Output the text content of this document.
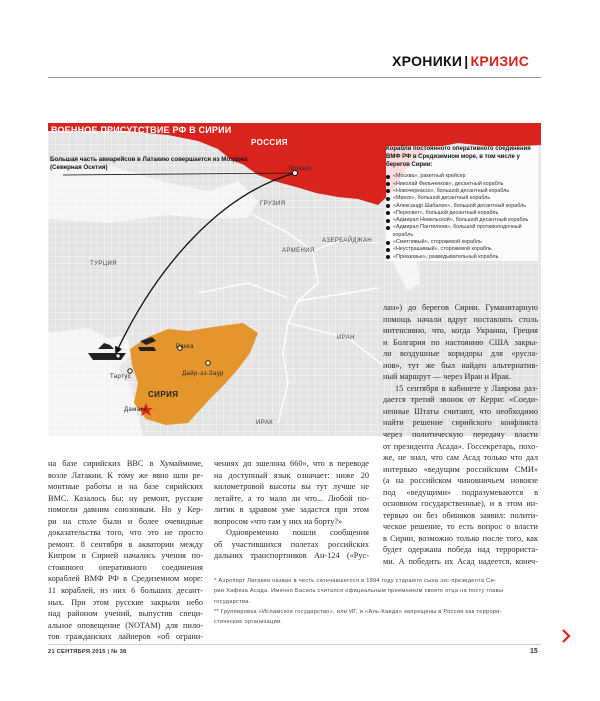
ХРОНИКИ | КРИЗИС
ВОЕННОЕ ПРИСУТСТВИЕ РФ В СИРИИ
РОССИЯ
ГРУЗИЯ
АРМЕНИЯ
АЗЕРБАЙДЖАН
ТУРЦИЯ
ИРАН
ИРАК
СИРИЯ
Моздок
Ракка
Латакия
Тартус	Дайр-эз-Заур
Дамаск
Большая часть авиарейсов в Латакию совершается из Моздока (Северная Осетия)
Корабли постоянного оперативного соединения ВМФ РФ в Средиземном море, в том числе у берегов Сирии:
«Москва», ракетный крейсер
«Николай Фильченков», десантный корабль
«Новочеркасск», большой десантный корабль
«Минск», большой десантный корабль
«Александр Шабалин», большой десантный корабль
«Пересвет», большой десантный корабль
«Адмирал Невельской», большой десантный корабль
«Адмирал Пантелеев», большой противолодочный корабль
«Сметливый», сторожевой корабль
«Неустрашимый», сторожевой корабль
«Приазовье», разведывательный корабль
на базе сирийских ВВС в Хумаймиме,
возле Латакии. К тому же явно шли ре-
монтные работы и на базе сирийских
ВМС. Казалось бы: ну ремонт, русские
помогли давним союзникам. Но у Кер-
ри на столе были и более очевидные
доказательства того, что это не просто
ремонт. 8 сентября в акватории между
Кипром и Сирией начались учения по-
стоянного оперативного соединения
кораблей ВМФ РФ в Средиземном море:
11 кораблей, из них 6 больших десант-
ных. При этом русские закрыли небо
над районом учений, выпустив специ-
альное оповещение (NOTAM) для пило-
тов гражданских лайнеров «об ограни-
чениях до эшелона 660», что в переводе
на доступный язык означает: ниже 20
километровой высоты вы тут лучше не
летайте, а то мало ли что... Любой по-
литик в здравом уме задастся при этом
вопросом «что там у них на борту?»
Одновременно пошли сообщения
об участившихся полетах российских
дальних транспортников Ан-124 («Рус-
лан») до берегов Сирии. Гуманитарную
помощь начали вдруг поставлять столь
интенсивно, что, когда Украина, Греция
и Болгария по настоянию США закры-
ли воздушные коридоры для «русла-
нов», тут же был найден альтернатив-
ный маршрут — через Иран и Ирак.
15 сентября в кабинете у Лаврова раз-
дается третий звонок от Керри: «Соеди-
ненные Штаты считают, что необходимо
найти решение сирийского конфликта
через политическую передачу власти
от президента Асада». Госсекретарь, похо-
же, не знал, что сам Асад только что дал
интервью «ведущим российским СМИ»
(а на российском чиновничьем новоязе
под «ведущими» подразумеваются в
основном государственные), и в этом ин-
тервью он без обиняков заявил: полити-
ческое решение, то есть вопрос о власти
в Сирии, возможно только после того, как
будет одержана победа над террориста-
ми. А победить их Асад надеется, конеч-
* Аэропорт Латакии назван в честь скончавшегося в 1994 году старшего сына экс-президента Си-
рии Хафеза Асада. Именно Басиль считался официальным преемником своего отца на посту главы
государства.
** Группировка «Исламское государство», или ИГ, и «Аль-Каида» запрещены в России как террори-
стические организации.
21 СЕНТЯБРЯ 2015 | № 38	15
